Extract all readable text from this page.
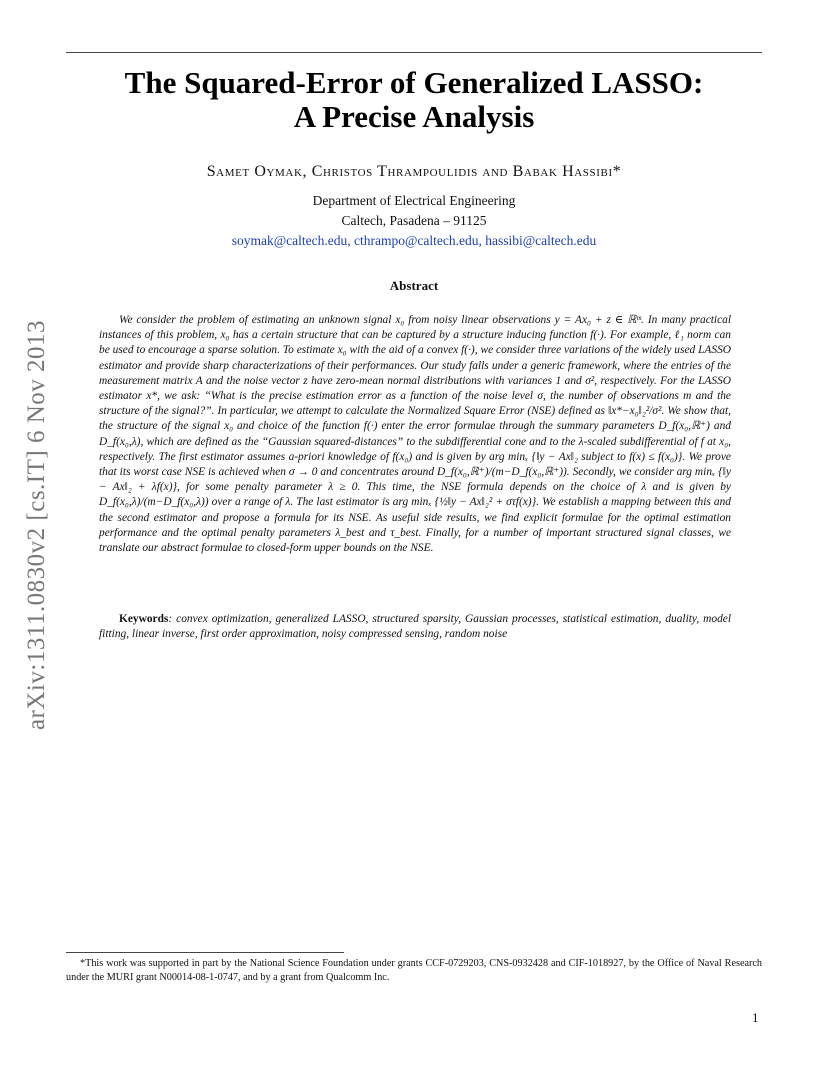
arXiv:1311.0830v2 [cs.IT] 6 Nov 2013
The Squared-Error of Generalized LASSO:
A Precise Analysis
Samet Oymak, Christos Thrampoulidis and Babak Hassibi*
Department of Electrical Engineering
Caltech, Pasadena – 91125
soymak@caltech.edu, cthrampo@caltech.edu, hassibi@caltech.edu
Abstract

We consider the problem of estimating an unknown signal x₀ from noisy linear observations y = Ax₀ + z ∈ ℝᵐ. In many practical instances of this problem, x₀ has a certain structure that can be captured by a structure inducing function f(·). For example, ℓ₁ norm can be used to encourage a sparse solution. To estimate x₀ with the aid of a convex f(·), we consider three variations of the widely used LASSO estimator and provide sharp characterizations of their performances. Our study falls under a generic framework, where the entries of the measurement matrix A and the noise vector z have zero-mean normal distributions with variances 1 and σ², respectively. For the LASSO estimator x*, we ask: “What is the precise estimation error as a function of the noise level σ, the number of observations m and the structure of the signal?”. In particular, we attempt to calculate the Normalized Square Error (NSE) defined as ‖x*−x₀‖₂²/σ². We show that, the structure of the signal x₀ and choice of the function f(·) enter the error formulae through the summary parameters D_f(x₀,ℝ⁺) and D_f(x₀,λ), which are defined as the “Gaussian squared-distances” to the subdifferential cone and to the λ-scaled subdifferential of f at x₀, respectively. The first estimator assumes a-priori knowledge of f(x₀) and is given by arg minₓ {‖y − Ax‖₂ subject to f(x) ≤ f(x₀)}. We prove that its worst case NSE is achieved when σ → 0 and concentrates around D_f(x₀,ℝ⁺)/(m−D_f(x₀,ℝ⁺)). Secondly, we consider arg minₓ {‖y − Ax‖₂ + λf(x)}, for some penalty parameter λ ≥ 0. This time, the NSE formula depends on the choice of λ and is given by D_f(x₀,λ)/(m−D_f(x₀,λ)) over a range of λ. The last estimator is arg minₓ {½‖y − Ax‖₂² + στf(x)}. We establish a mapping between this and the second estimator and propose a formula for its NSE. As useful side results, we find explicit formulae for the optimal estimation performance and the optimal penalty parameters λ_best and τ_best. Finally, for a number of important structured signal classes, we translate our abstract formulae to closed-form upper bounds on the NSE.

Keywords: convex optimization, generalized LASSO, structured sparsity, Gaussian processes, statistical estimation, duality, model fitting, linear inverse, first order approximation, noisy compressed sensing, random noise
*This work was supported in part by the National Science Foundation under grants CCF-0729203, CNS-0932428 and CIF-1018927, by the Office of Naval Research under the MURI grant N00014-08-1-0747, and by a grant from Qualcomm Inc.
1
